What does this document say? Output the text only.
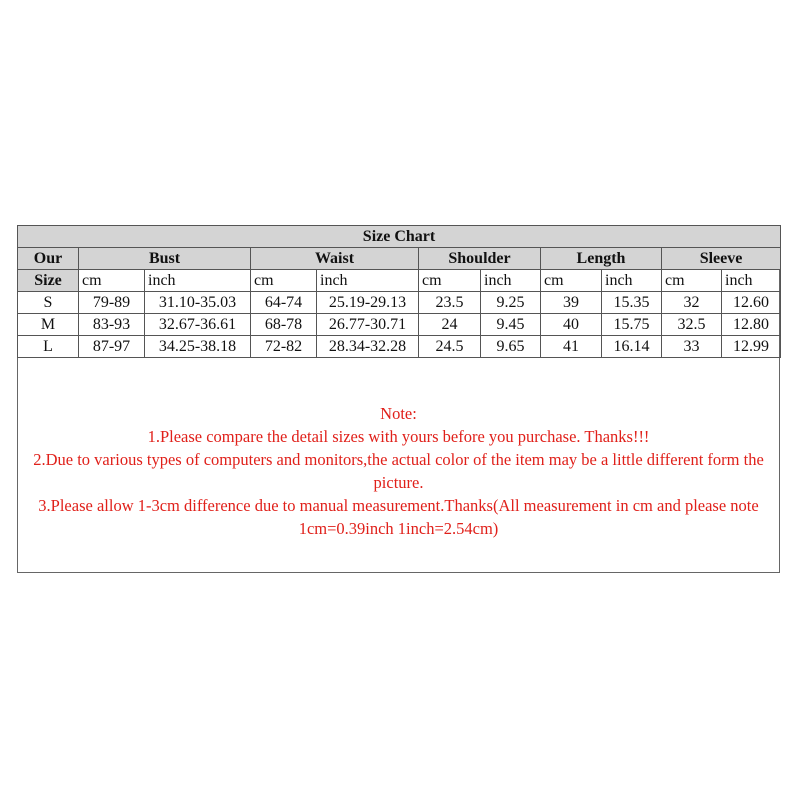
Size Chart										
Our	Bust		Waist		Shoulder		Length		Sleeve	
Size	cm	inch	cm	inch	cm	inch	cm	inch	cm	inch
S	79-89	31.10-35.03	64-74	25.19-29.13	23.5	9.25	39	15.35	32	12.60
M	83-93	32.67-36.61	68-78	26.77-30.71	24	9.45	40	15.75	32.5	12.80
L	87-97	34.25-38.18	72-82	28.34-32.28	24.5	9.65	41	16.14	33	12.99
Note:
1.Please compare the detail sizes with yours before you purchase. Thanks!!!
2.Due to various types of computers and monitors,the actual color of the item may be a little different form the picture.
3.Please allow 1-3cm difference due to manual measurement.Thanks(All measurement in cm and please note 1cm=0.39inch 1inch=2.54cm)
